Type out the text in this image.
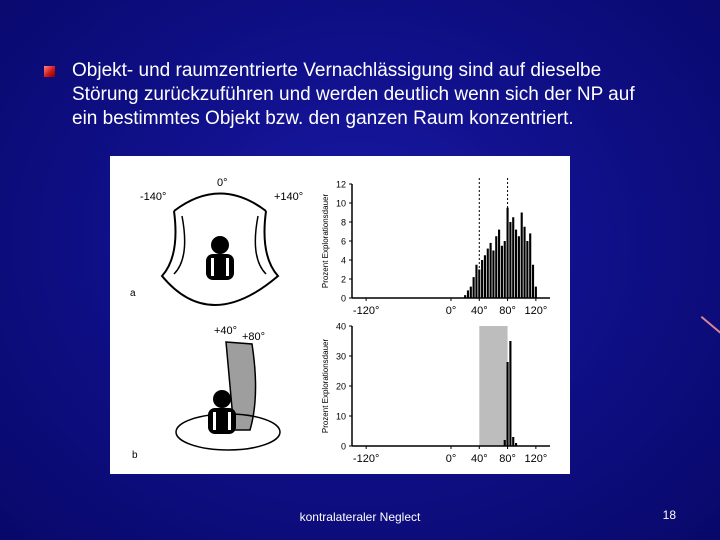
Objekt- und raumzentrierte Vernachlässigung sind auf dieselbe
Störung zurückzuführen und werden deutlich wenn sich der NP auf
ein bestimmtes Objekt bzw. den ganzen Raum konzentriert.
-140°
0°
+140°
a
+40° +80°
b
0
2
4
6
8
10
12
-120°	0° 40° 80° 120°
Prozent Explorationsdauer
0
10
20
30
40
-120°	0° 40° 80° 120°
Prozent Explorationsdauer
kontralateraler Neglect	18
